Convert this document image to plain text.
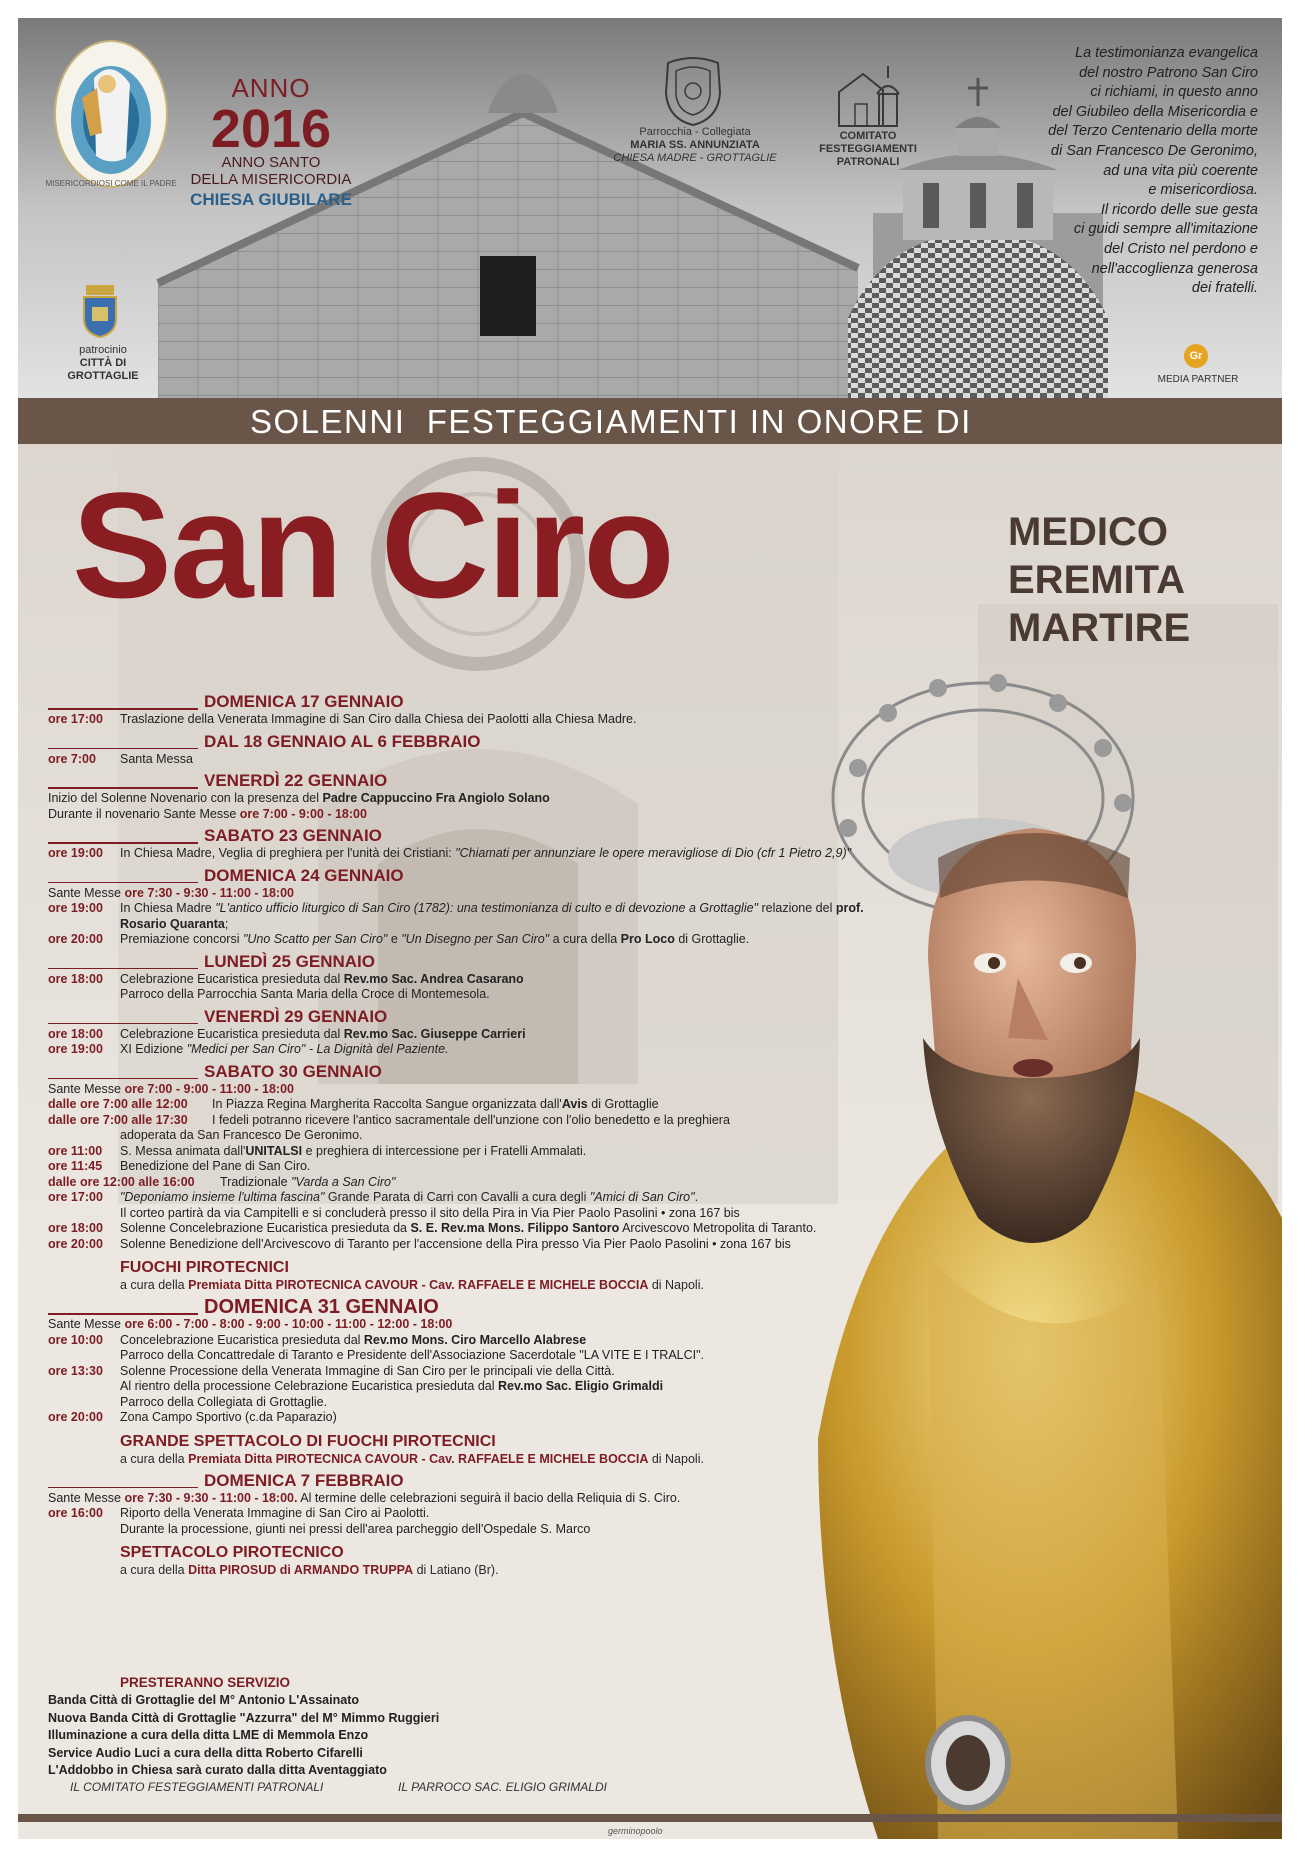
MISERICORDIOSI COME IL PADRE
ANNO
2016
ANNO SANTO
DELLA MISERICORDIA
CHIESA GIUBILARE
patrocinio
CITTÀ DI
GROTTAGLIE
Parrocchia - Collegiata
MARIA SS. ANNUNZIATA
CHIESA MADRE - GROTTAGLIE
COMITATO
FESTEGGIAMENTI
PATRONALI
La testimonianza evangelica
del nostro Patrono San Ciro
ci richiami, in questo anno
del Giubileo della Misericordia e
del Terzo Centenario della morte
di San Francesco De Geronimo,
ad una vita più coerente
e misericordiosa.
Il ricordo delle sue gesta
ci guidi sempre all'imitazione
del Cristo nel perdono e
nell'accoglienza generosa
dei fratelli.
Gr
MEDIA PARTNER
SOLENNI  FESTEGGIAMENTI IN ONORE DI
San Ciro	MEDICO
EREMITA
MARTIRE
DOMENICA 17 GENNAIO
ore 17:00	Traslazione della Venerata Immagine di San Ciro dalla Chiesa dei Paolotti alla Chiesa Madre.
DAL 18 GENNAIO AL 6 FEBBRAIO
ore 7:00	Santa Messa
VENERDÌ 22 GENNAIO
Inizio del Solenne Novenario con la presenza del Padre Cappuccino Fra Angiolo Solano
Durante il novenario Sante Messe ore 7:00 - 9:00 - 18:00
SABATO 23 GENNAIO
ore 19:00	In Chiesa Madre, Veglia di preghiera per l'unità dei Cristiani: "Chiamati per annunziare le opere meravigliose di Dio (cfr 1 Pietro 2,9)"
DOMENICA 24 GENNAIO
Sante Messe ore 7:30 - 9:30 - 11:00 - 18:00
ore 19:00	In Chiesa Madre "L'antico ufficio liturgico di San Ciro (1782): una testimonianza di culto e di devozione a Grottaglie" relazione del prof. Rosario Quaranta;
ore 20:00	Premiazione concorsi "Uno Scatto per San Ciro" e "Un Disegno per San Ciro" a cura della Pro Loco di Grottaglie.
LUNEDÌ 25 GENNAIO
ore 18:00	Celebrazione Eucaristica presieduta dal Rev.mo Sac. Andrea Casarano
Parroco della Parrocchia Santa Maria della Croce di Montemesola.
VENERDÌ 29 GENNAIO
ore 18:00	Celebrazione Eucaristica presieduta dal Rev.mo Sac. Giuseppe Carrieri
ore 19:00	XI Edizione "Medici per San Ciro" - La Dignità del Paziente.
SABATO 30 GENNAIO
Sante Messe ore 7:00 - 9:00 - 11:00 - 18:00
dalle ore 7:00 alle 12:00	In Piazza Regina Margherita Raccolta Sangue organizzata dall'Avis di Grottaglie
dalle ore 7:00 alle 17:30	I fedeli potranno ricevere l'antico sacramentale dell'unzione con l'olio benedetto e la preghiera
adoperata da San Francesco De Geronimo.
ore 11:00	S. Messa animata dall'UNITALSI e preghiera di intercessione per i Fratelli Ammalati.
ore 11:45	Benedizione del Pane di San Ciro.
dalle ore 12:00 alle 16:00	Tradizionale "Varda a San Ciro"
ore 17:00	"Deponiamo insieme l'ultima fascina" Grande Parata di Carri con Cavalli a cura degli "Amici di San Ciro".
Il corteo partirà da via Campitelli e si concluderà presso il sito della Pira in Via Pier Paolo Pasolini • zona 167 bis
ore 18:00	Solenne Concelebrazione Eucaristica presieduta da S. E. Rev.ma Mons. Filippo Santoro Arcivescovo Metropolita di Taranto.
ore 20:00	Solenne Benedizione dell'Arcivescovo di Taranto per l'accensione della Pira presso Via Pier Paolo Pasolini • zona 167 bis
FUOCHI PIROTECNICI
a cura della Premiata Ditta PIROTECNICA CAVOUR - Cav. RAFFAELE E MICHELE BOCCIA di Napoli.
DOMENICA 31 GENNAIO
Sante Messe ore 6:00 - 7:00 - 8:00 - 9:00 - 10:00 - 11:00 - 12:00 - 18:00
ore 10:00	Concelebrazione Eucaristica presieduta dal Rev.mo Mons. Ciro Marcello Alabrese
Parroco della Concattredale di Taranto e Presidente dell'Associazione Sacerdotale "LA VITE E I TRALCI".
ore 13:30	Solenne Processione della Venerata Immagine di San Ciro per le principali vie della Città.
Al rientro della processione Celebrazione Eucaristica presieduta dal Rev.mo Sac. Eligio Grimaldi
Parroco della Collegiata di Grottaglie.
ore 20:00	Zona Campo Sportivo (c.da Paparazio)
GRANDE SPETTACOLO DI FUOCHI PIROTECNICI
a cura della Premiata Ditta PIROTECNICA CAVOUR - Cav. RAFFAELE E MICHELE BOCCIA di Napoli.
DOMENICA 7 FEBBRAIO
Sante Messe ore 7:30 - 9:30 - 11:00 - 18:00. Al termine delle celebrazioni seguirà il bacio della Reliquia di S. Ciro.
ore 16:00	Riporto della Venerata Immagine di San Ciro ai Paolotti.
Durante la processione, giunti nei pressi dell'area parcheggio dell'Ospedale S. Marco
SPETTACOLO PIROTECNICO
a cura della Ditta PIROSUD di ARMANDO TRUPPA di Latiano (Br).
PRESTERANNO SERVIZIO
Banda Città di Grottaglie del M° Antonio L'Assainato
Nuova Banda Città di Grottaglie "Azzurra" del M° Mimmo Ruggieri
Illuminazione a cura della ditta LME di Memmola Enzo
Service Audio Luci a cura della ditta Roberto Cifarelli
L'Addobbo in Chiesa sarà curato dalla ditta Aventaggiato
IL COMITATO FESTEGGIAMENTI PATRONALI	IL PARROCO SAC. ELIGIO GRIMALDI
germinopoolo
